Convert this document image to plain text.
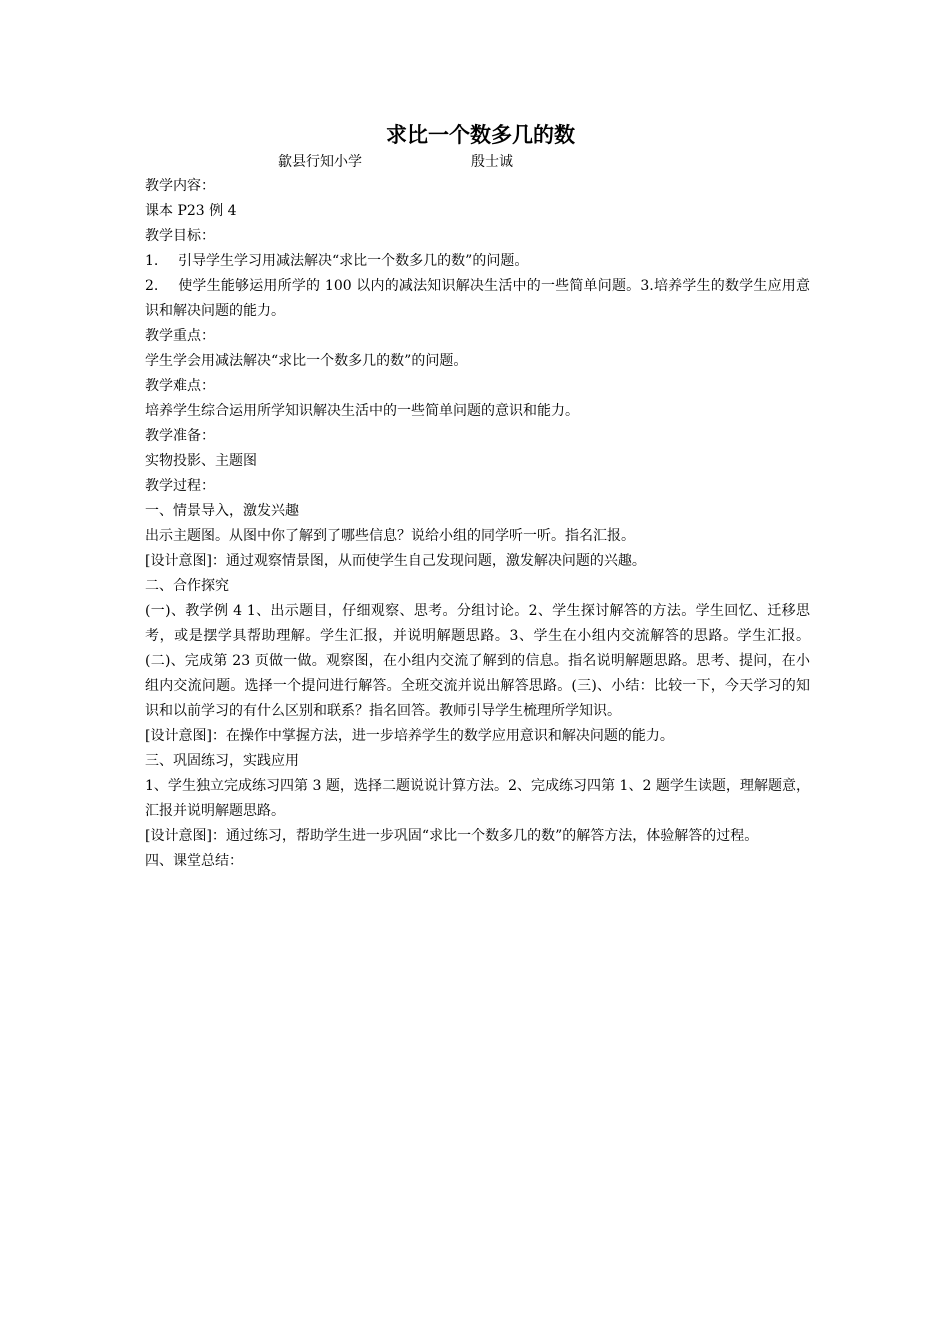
求比一个数多几的数
歙县行知小学	殷士诚

教学内容：

课本 P23 例 4

教学目标：

1. 引导学生学习用减法解决“求比一个数多几的数”的问题。

2. 使学生能够运用所学的 100 以内的减法知识解决生活中的一些简单问题。3.培养学生的数学生应用意识和解决问题的能力。

教学重点：

学生学会用减法解决“求比一个数多几的数”的问题。

教学难点：

培养学生综合运用所学知识解决生活中的一些简单问题的意识和能力。

教学准备：

实物投影、主题图

教学过程：

一、情景导入，激发兴趣

出示主题图。从图中你了解到了哪些信息？说给小组的同学听一听。指名汇报。

[设计意图]：通过观察情景图，从而使学生自己发现问题，激发解决问题的兴趣。

二、合作探究

(一)、教学例 4 1、出示题目，仔细观察、思考。分组讨论。2、学生探讨解答的方法。学生回忆、迁移思考，或是摆学具帮助理解。学生汇报，并说明解题思路。3、学生在小组内交流解答的思路。学生汇报。(二)、完成第 23 页做一做。观察图，在小组内交流了解到的信息。指名说明解题思路。思考、提问，在小组内交流问题。选择一个提问进行解答。全班交流并说出解答思路。(三)、小结：比较一下，今天学习的知识和以前学习的有什么区别和联系？指名回答。教师引导学生梳理所学知识。

[设计意图]：在操作中掌握方法，进一步培养学生的数学应用意识和解决问题的能力。

三、巩固练习，实践应用

1、学生独立完成练习四第 3 题，选择二题说说计算方法。2、完成练习四第 1、2 题学生读题，理解题意，汇报并说明解题思路。

[设计意图]：通过练习，帮助学生进一步巩固“求比一个数多几的数”的解答方法，体验解答的过程。

四、课堂总结：
